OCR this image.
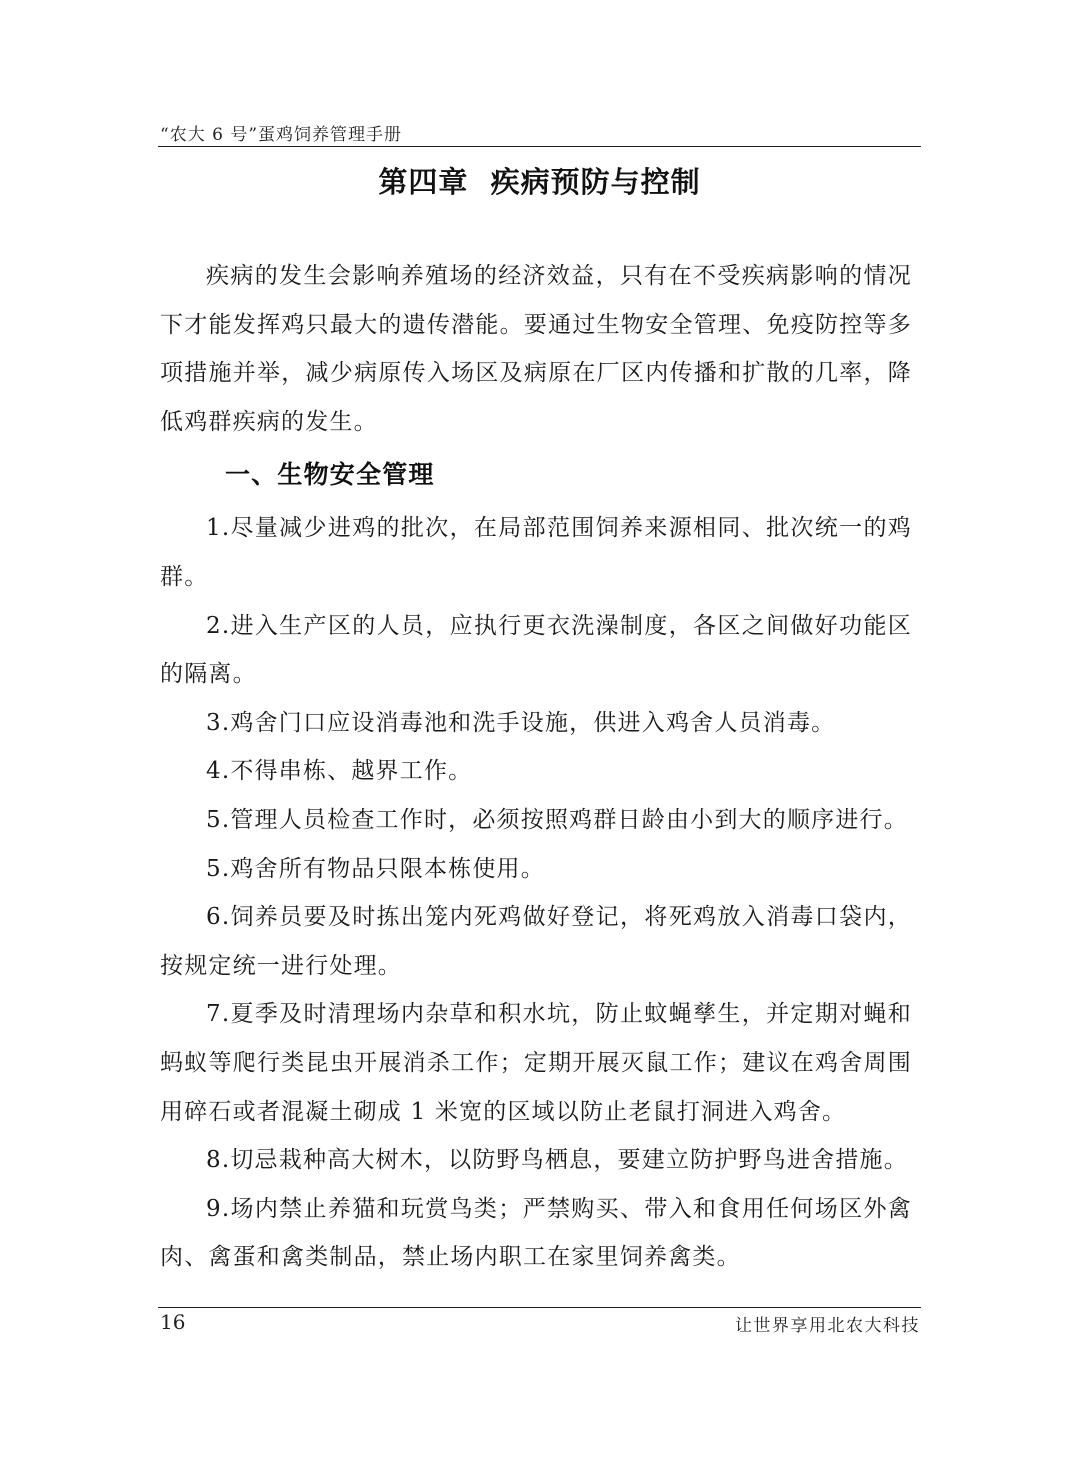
“农大 6 号”蛋鸡饲养管理手册
第四章  疾病预防与控制

疾病的发生会影响养殖场的经济效益，只有在不受疾病影响的情况下才能发挥鸡只最大的遗传潜能。要通过生物安全管理、免疫防控等多项措施并举，减少病原传入场区及病原在厂区内传播和扩散的几率，降低鸡群疾病的发生。

一、生物安全管理

1.尽量减少进鸡的批次，在局部范围饲养来源相同、批次统一的鸡群。

2.进入生产区的人员，应执行更衣洗澡制度，各区之间做好功能区的隔离。

3.鸡舍门口应设消毒池和洗手设施，供进入鸡舍人员消毒。

4.不得串栋、越界工作。

5.管理人员检查工作时，必须按照鸡群日龄由小到大的顺序进行。

5.鸡舍所有物品只限本栋使用。

6.饲养员要及时拣出笼内死鸡做好登记，将死鸡放入消毒口袋内，按规定统一进行处理。

7.夏季及时清理场内杂草和积水坑，防止蚊蝇孳生，并定期对蝇和蚂蚁等爬行类昆虫开展消杀工作；定期开展灭鼠工作；建议在鸡舍周围用碎石或者混凝土砌成 1 米宽的区域以防止老鼠打洞进入鸡舍。

8.切忌栽种高大树木，以防野鸟栖息，要建立防护野鸟进舍措施。

9.场内禁止养猫和玩赏鸟类；严禁购买、带入和食用任何场区外禽肉、禽蛋和禽类制品，禁止场内职工在家里饲养禽类。

16	让世界享用北农大科技
